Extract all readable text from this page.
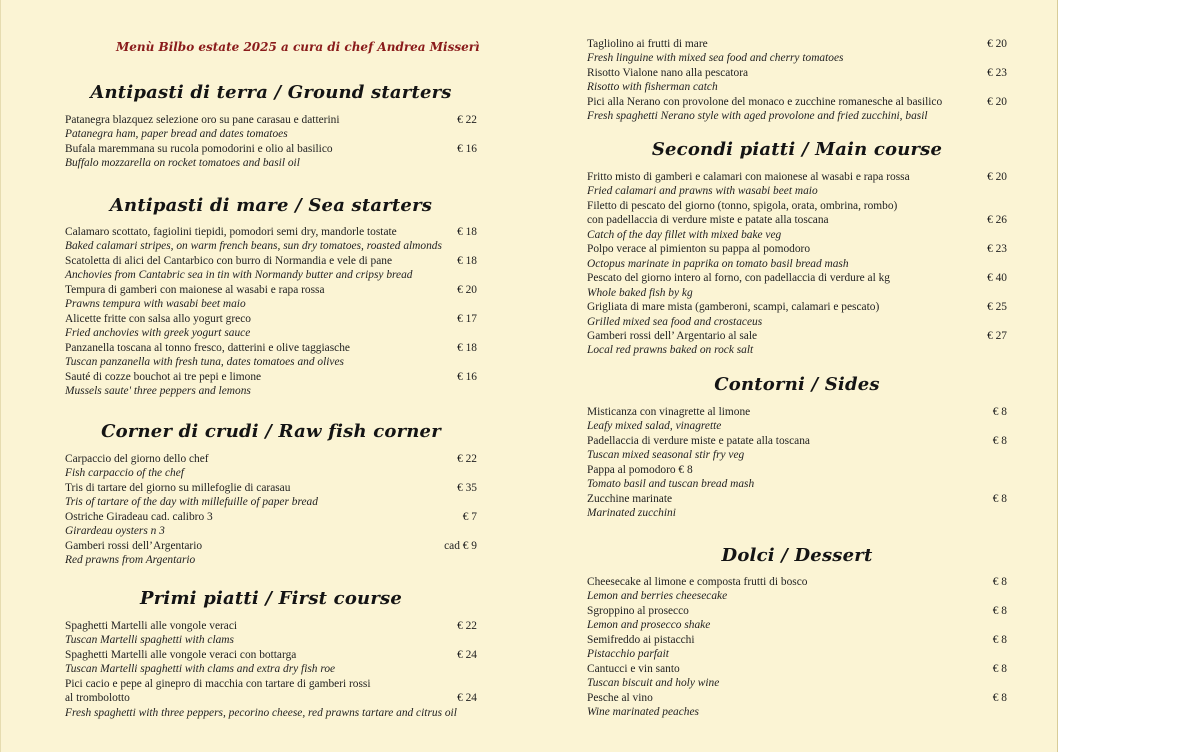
Menù Bilbo estate 2025 a cura di chef Andrea Misserì
Antipasti di terra / Ground starters
Patanegra blazquez selezione oro su pane carasau e datterini	€ 22
Patanegra ham, paper bread and dates tomatoes
Bufala maremmana su rucola pomodorini e olio al basilico	€ 16
Buffalo mozzarella on rocket tomatoes and basil oil
Antipasti di mare / Sea starters
Calamaro scottato, fagiolini tiepidi, pomodori semi dry, mandorle tostate	€ 18
Baked calamari stripes, on warm french beans, sun dry tomatoes, roasted almonds
Scatoletta di alici del Cantarbico con burro di Normandia e vele di pane	€ 18
Anchovies from Cantabric sea in tin with Normandy butter and cripsy bread
Tempura di gamberi con maionese al wasabi e rapa rossa	€ 20
Prawns tempura with wasabi beet maio
Alicette fritte con salsa allo yogurt greco	€ 17
Fried anchovies with greek yogurt sauce
Panzanella toscana al tonno fresco, datterini e olive taggiasche	€ 18
Tuscan panzanella with fresh tuna, dates tomatoes and olives
Sauté di cozze bouchot ai tre pepi e limone	€ 16
Mussels saute' three peppers and lemons
Corner di crudi / Raw fish corner
Carpaccio del giorno dello chef	€ 22
Fish carpaccio of the chef
Tris di tartare del giorno su millefoglie di carasau	€ 35
Tris of tartare of the day with millefuille of paper bread
Ostriche Giradeau cad. calibro 3	€ 7
Girardeau oysters n 3
Gamberi rossi dell’Argentario	cad € 9
Red prawns from Argentario
Primi piatti / First course
Spaghetti Martelli alle vongole veraci	€ 22
Tuscan Martelli spaghetti with clams
Spaghetti Martelli alle vongole veraci con bottarga	€ 24
Tuscan Martelli spaghetti with clams and extra dry fish roe
Pici cacio e pepe al ginepro di macchia con tartare di gamberi rossi
al trombolotto	€ 24
Fresh spaghetti with three peppers, pecorino cheese, red prawns tartare and citrus oil
Tagliolino ai frutti di mare	€ 20
Fresh linguine with mixed sea food and cherry tomatoes
Risotto Vialone nano alla pescatora	€ 23
Risotto with fisherman catch
Pici alla Nerano con provolone del monaco e zucchine romanesche al basilico	€ 20
Fresh spaghetti Nerano style with aged provolone and fried zucchini, basil
Secondi piatti / Main course
Fritto misto di gamberi e calamari con maionese al wasabi e rapa rossa	€ 20
Fried calamari and prawns with wasabi beet maio
Filetto di pescato del giorno (tonno, spigola, orata, ombrina, rombo)
con padellaccia di verdure miste e patate alla toscana	€ 26
Catch of the day fillet with mixed bake veg
Polpo verace al pimienton su pappa al pomodoro	€ 23
Octopus marinate in paprika on tomato basil bread mash
Pescato del giorno intero al forno, con padellaccia di verdure al kg	€ 40
Whole baked fish by kg
Grigliata di mare mista (gamberoni, scampi, calamari e pescato)	€ 25
Grilled mixed sea food and crostaceus
Gamberi rossi dell’ Argentario al sale	€ 27
Local red prawns baked on rock salt
Contorni / Sides
Misticanza con vinagrette al limone	€ 8
Leafy mixed salad, vinagrette
Padellaccia di verdure miste e patate alla toscana	€ 8
Tuscan mixed seasonal stir fry veg
Pappa al pomodoro € 8
Tomato basil and tuscan bread mash
Zucchine marinate	€ 8
Marinated zucchini
Dolci / Dessert
Cheesecake al limone e composta frutti di bosco	€ 8
Lemon and berries cheesecake
Sgroppino al prosecco	€ 8
Lemon and prosecco shake
Semifreddo ai pistacchi	€ 8
Pistacchio parfait
Cantucci e vin santo	€ 8
Tuscan biscuit and holy wine
Pesche al vino	€ 8
Wine marinated peaches
